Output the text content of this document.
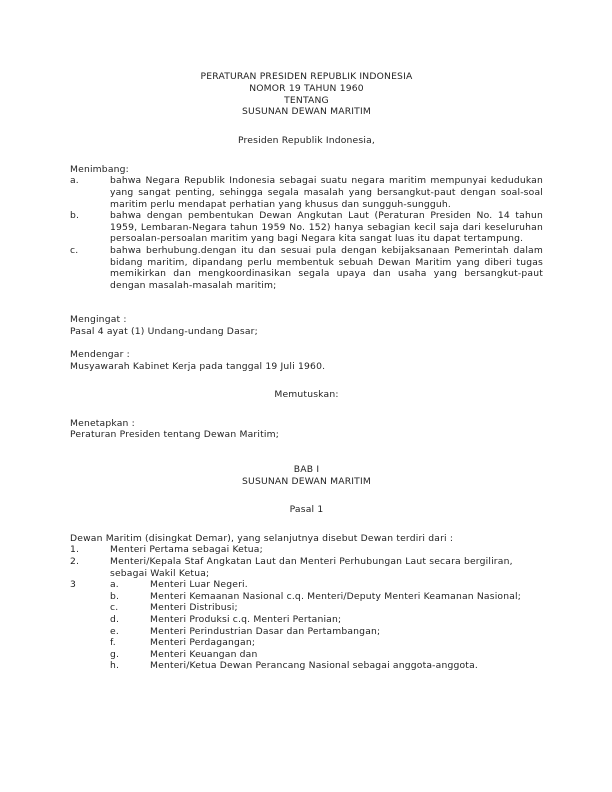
PERATURAN PRESIDEN REPUBLIK INDONESIA
NOMOR 19 TAHUN 1960
TENTANG
SUSUNAN DEWAN MARITIM
Presiden Republik Indonesia,
Menimbang:
a.	bahwa Negara Republik Indonesia sebagai suatu negara maritim mempunyai kedudukan yang sangat penting, sehingga segala masalah yang bersangkut-paut dengan soal-soal maritim perlu mendapat perhatian yang khusus dan sungguh-sungguh.
b.	bahwa dengan pembentukan Dewan Angkutan Laut (Peraturan Presiden No. 14 tahun 1959, Lembaran-Negara tahun 1959 No. 152) hanya sebagian kecil saja dari keseluruhan persoalan-persoalan maritim yang bagi Negara kita sangat luas itu dapat tertampung.
c.	bahwa berhubung.dengan itu dan sesuai pula dengan kebijaksanaan Pemerintah dalam bidang maritim, dipandang perlu membentuk sebuah Dewan Maritim yang diberi tugas memikirkan dan mengkoordinasikan segala upaya dan usaha yang bersangkut-paut dengan masalah-masalah maritim;
Mengingat :
Pasal 4 ayat (1) Undang-undang Dasar;
Mendengar :
Musyawarah Kabinet Kerja pada tanggal 19 Juli 1960.
Memutuskan:
Menetapkan :
Peraturan Presiden tentang Dewan Maritim;
BAB I
SUSUNAN DEWAN MARITIM
Pasal 1
Dewan Maritim (disingkat Demar), yang selanjutnya disebut Dewan terdiri dari :
1.	Menteri Pertama sebagai Ketua;
2.	Menteri/Kepala Staf Angkatan Laut dan Menteri Perhubungan Laut secara bergiliran, sebagai Wakil Ketua;
3	a.	Menteri Luar Negeri.
b.	Menteri Kemaanan Nasional c.q. Menteri/Deputy Menteri Keamanan Nasional;
c.	Menteri Distribusi;
d.	Menteri Produksi c.q. Menteri Pertanian;
e.	Menteri Perindustrian Dasar dan Pertambangan;
f.	Menteri Perdagangan;
g.	Menteri Keuangan dan
h.	Menteri/Ketua Dewan Perancang Nasional sebagai anggota-anggota.
